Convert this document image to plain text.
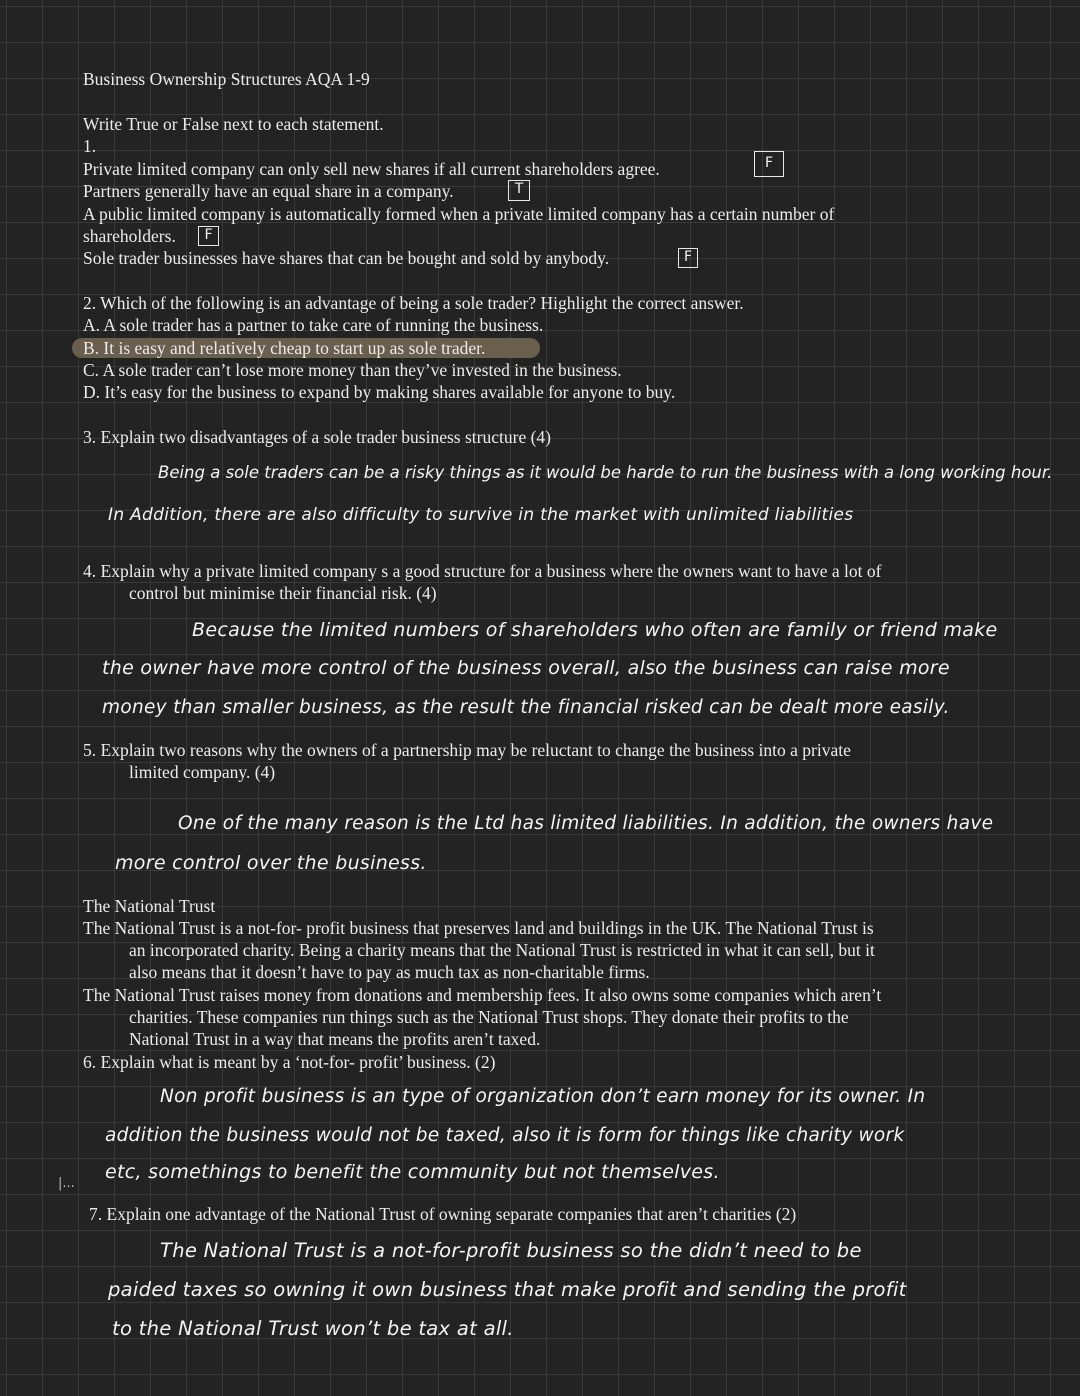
Business Ownership Structures AQA 1-9
Write True or False next to each statement.
1.
Private limited company can only sell new shares if all current shareholders agree.	F
Partners generally have an equal share in a company.	T
A public limited company is automatically formed when a private limited company has a certain number of
shareholders.	F
Sole trader businesses have shares that can be bought and sold by anybody.	F
2. Which of the following is an advantage of being a sole trader? Highlight the correct answer.
A. A sole trader has a partner to take care of running the business.
B. It is easy and relatively cheap to start up as sole trader.
C. A sole trader can’t lose more money than they’ve invested in the business.
D. It’s easy for the business to expand by making shares available for anyone to buy.
3. Explain two disadvantages of a sole trader business structure (4)
Being a sole traders can be a risky things as it would be harde to run the business with a long working hour.
In Addition, there are also difficulty to survive in the market with unlimited liabilities
4. Explain why a private limited company s a good structure for a business where the owners want to have a lot of
control but minimise their financial risk. (4)
Because the limited numbers of shareholders who often are family or friend make
the owner have more control of the business overall, also the business can raise more
money than smaller business, as the result the financial risked can be dealt more easily.
5. Explain two reasons why the owners of a partnership may be reluctant to change the business into a private
limited company. (4)
One of the many reason is the Ltd has limited liabilities. In addition, the owners have
more control over the business.
The National Trust
The National Trust is a not-for- profit business that preserves land and buildings in the UK. The National Trust is
an incorporated charity. Being a charity means that the National Trust is restricted in what it can sell, but it
also means that it doesn’t have to pay as much tax as non-charitable firms.
The National Trust raises money from donations and membership fees. It also owns some companies which aren’t
charities. These companies run things such as the National Trust shops. They donate their profits to the
National Trust in a way that means the profits aren’t taxed.
6. Explain what is meant by a ‘not-for- profit’ business. (2)
Non profit business is an type of organization don’t earn money for its owner. In
addition the business would not be taxed, also it is form for things like charity work
|...
etc, somethings to benefit the community but not themselves.
7. Explain one advantage of the National Trust of owning separate companies that aren’t charities (2)
The National Trust is a not-for-profit business so the didn’t need to be
paided taxes so owning it own business that make profit and sending the profit
to the National Trust won’t be tax at all.
